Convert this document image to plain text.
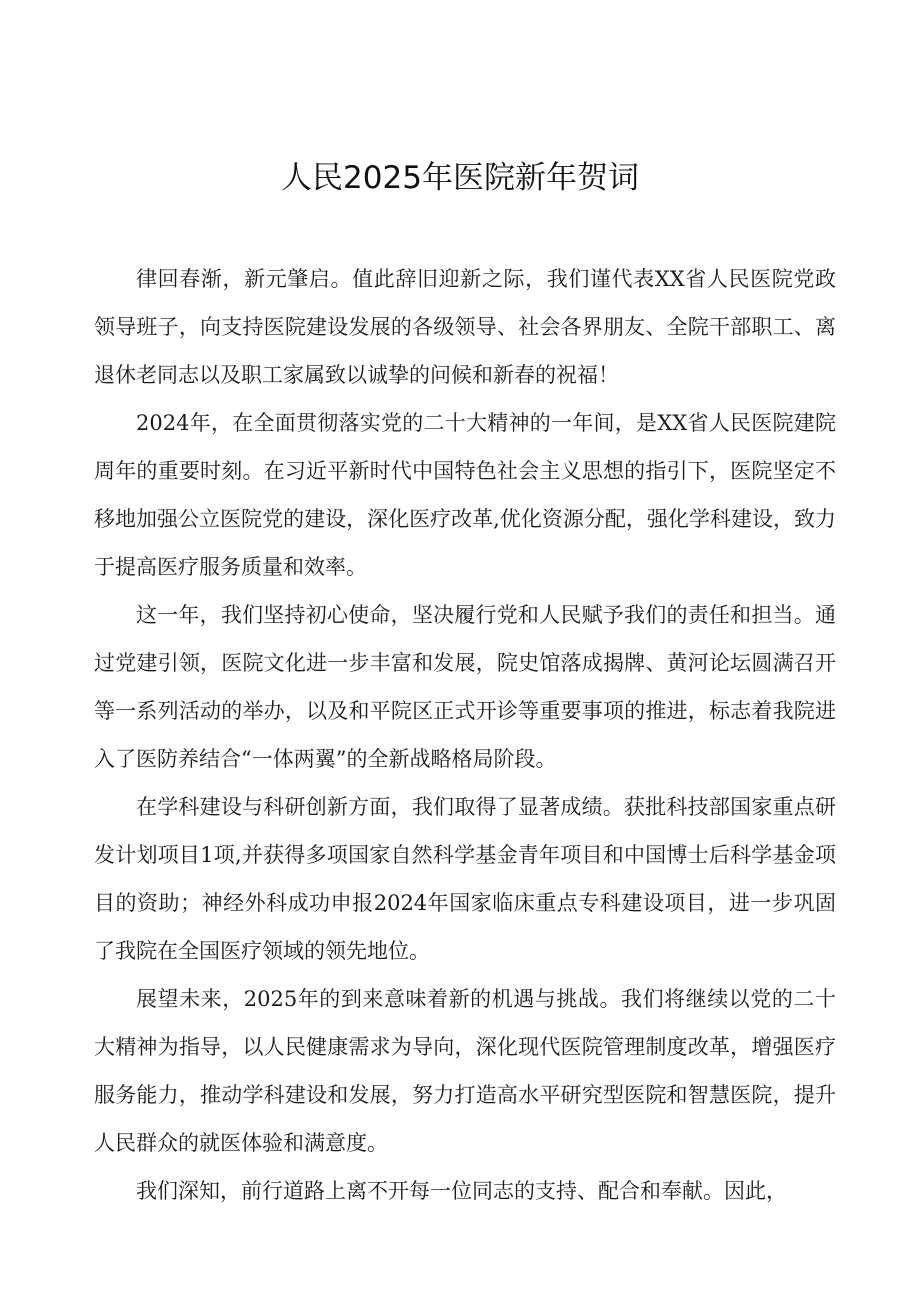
人民2025年医院新年贺词

律回春渐，新元肇启。值此辞旧迎新之际，我们谨代表XX省人民医院党政领导班子，向支持医院建设发展的各级领导、社会各界朋友、全院干部职工、离退休老同志以及职工家属致以诚挚的问候和新春的祝福！

2024年，在全面贯彻落实党的二十大精神的一年间，是XX省人民医院建院周年的重要时刻。在习近平新时代中国特色社会主义思想的指引下，医院坚定不移地加强公立医院党的建设，深化医疗改革,优化资源分配，强化学科建设，致力于提高医疗服务质量和效率。

这一年，我们坚持初心使命，坚决履行党和人民赋予我们的责任和担当。通过党建引领，医院文化进一步丰富和发展，院史馆落成揭牌、黄河论坛圆满召开等一系列活动的举办，以及和平院区正式开诊等重要事项的推进，标志着我院进入了医防养结合“一体两翼”的全新战略格局阶段。

在学科建设与科研创新方面，我们取得了显著成绩。获批科技部国家重点研发计划项目1项,并获得多项国家自然科学基金青年项目和中国博士后科学基金项目的资助；神经外科成功申报2024年国家临床重点专科建设项目，进一步巩固了我院在全国医疗领域的领先地位。

展望未来，2025年的到来意味着新的机遇与挑战。我们将继续以党的二十大精神为指导，以人民健康需求为导向，深化现代医院管理制度改革，增强医疗服务能力，推动学科建设和发展，努力打造高水平研究型医院和智慧医院，提升人民群众的就医体验和满意度。

我们深知，前行道路上离不开每一位同志的支持、配合和奉献。因此，
